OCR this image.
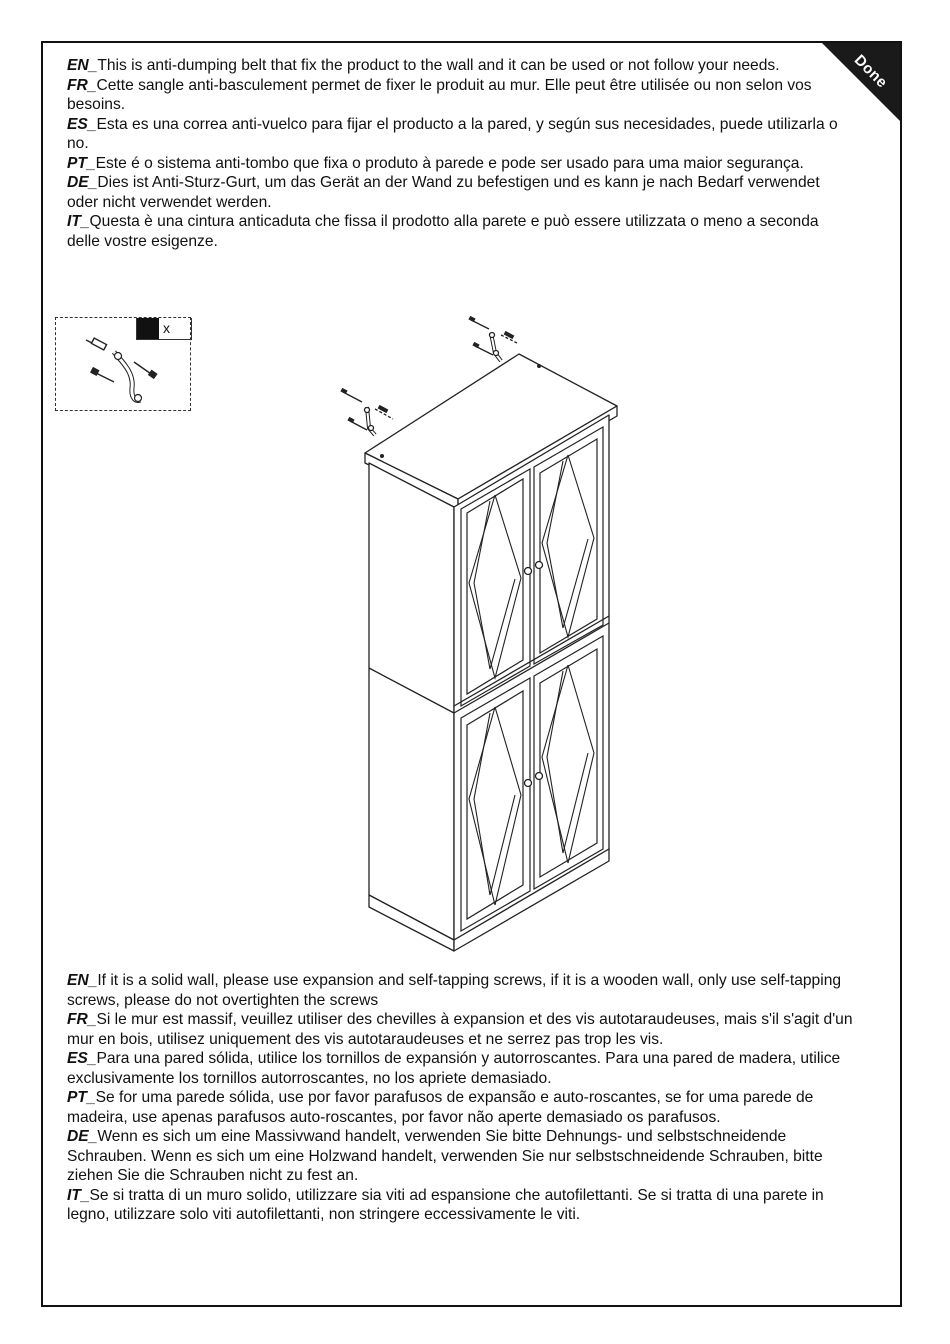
Done

EN_This is anti-dumping belt that fix the product to the wall and it can be used or not follow your needs.

FR_Cette sangle anti-basculement permet de fixer le produit au mur. Elle peut être utilisée ou non selon vos besoins.

ES_Esta es una correa anti-vuelco para fijar el producto a la pared, y según sus necesidades, puede utilizarla o no.

PT_Este é o sistema anti-tombo que fixa o produto à parede e pode ser usado para uma maior segurança.

DE_Dies ist Anti-Sturz-Gurt, um das Gerät an der Wand zu befestigen und es kann je nach Bedarf verwendet oder nicht verwendet werden.

IT_Questa è una cintura anticaduta che fissa il prodotto alla parete e può essere utilizzata o meno a seconda delle vostre esigenze.

x

EN_If it is a solid wall, please use expansion and self-tapping screws, if it is a wooden wall, only use self-tapping screws, please do not overtighten the screws

FR_Si le mur est massif, veuillez utiliser des chevilles à expansion et des vis autotaraudeuses, mais s'il s'agit d'un mur en bois, utilisez uniquement des vis autotaraudeuses et ne serrez pas trop les vis.

ES_Para una pared sólida, utilice los tornillos de expansión y autorroscantes. Para una pared de madera, utilice exclusivamente los tornillos autorroscantes, no los apriete demasiado.

PT_Se for uma parede sólida, use por favor parafusos de expansão e auto-roscantes, se for uma parede de madeira, use apenas parafusos auto-roscantes, por favor não aperte demasiado os parafusos.

DE_Wenn es sich um eine Massivwand handelt, verwenden Sie bitte Dehnungs- und selbstschneidende Schrauben. Wenn es sich um eine Holzwand handelt, verwenden Sie nur selbstschneidende Schrauben, bitte ziehen Sie die Schrauben nicht zu fest an.

IT_Se si tratta di un muro solido, utilizzare sia viti ad espansione che autofilettanti. Se si tratta di una parete in legno, utilizzare solo viti autofilettanti, non stringere eccessivamente le viti.
